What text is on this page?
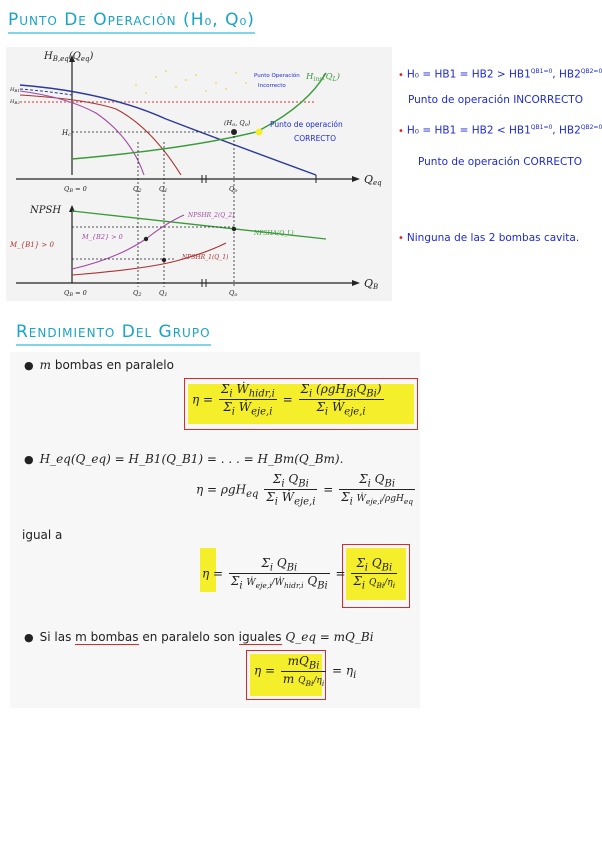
Punto De Operación (H₀, Q₀)
$H_{B,eq}(Q_{eq})$
Qeq
$H_{ins}(Q_L)$
Punto Operación
Incorrecto
Punto de operación
CORRECTO
(Ho, Qo)
Hc
$H_{B1}$
$H_{B2}$
QB = 0	Q2	Q1	Qo
NPSH
QB
NPSHR_2(Q_2)
NPSHR_1(Q_1)
NPSHA(Q_L)
M_{B2} > 0
M_{B1} > 0
QB = 0	Q2	Q1	Qo
• $H_0 = HB1 = HB2 > HB1^{QB1=0}$, $HB2^{QB2=0}$
Punto de operación INCORRECTO
• $H_0 = HB1 = HB2 < HB1^{QB1=0}$, $HB2^{QB2=0}$
Punto de operación CORRECTO
• Ninguna de las 2 bombas cavita.
Rendimiento Del Grupo
● m bombas en paralelo
$\eta = \frac{\Sigma_i Ẇ_{hidr,i}}{\Sigma_i Ẇ_{eje,i}} = \frac{\Sigma_i (\rho gH_{Bi}Q_{Bi})}{\Sigma_i Ẇ_{eje,i}}$
● H_eq(Q_eq) = H_B1(Q_B1) = . . . = H_Bm(Q_Bm).
$\eta = \rho gH_{eq} \frac{\Sigma_i Q_{Bi}}{\Sigma_i Ẇ_{eje,i}} = \frac{\Sigma_i Q_{Bi}}{\Sigma_i Ẇ_{eje,i}/\rho gH_{eq}}$
igual a
$\eta = \frac{\Sigma_i Q_{Bi}}{\Sigma_i Ẇ_{eje,i}/Ẇ_{hidr,i} Q_{Bi}} = \frac{\Sigma_i Q_{Bi}}{\Sigma_i Q_{Bi}/\eta_i}$
● Si las m bombas en paralelo son iguales Q_eq = mQ_Bi
$\eta = \frac{mQ_{Bi}}{m Q_{Bi}/\eta_i} = \eta_i$
